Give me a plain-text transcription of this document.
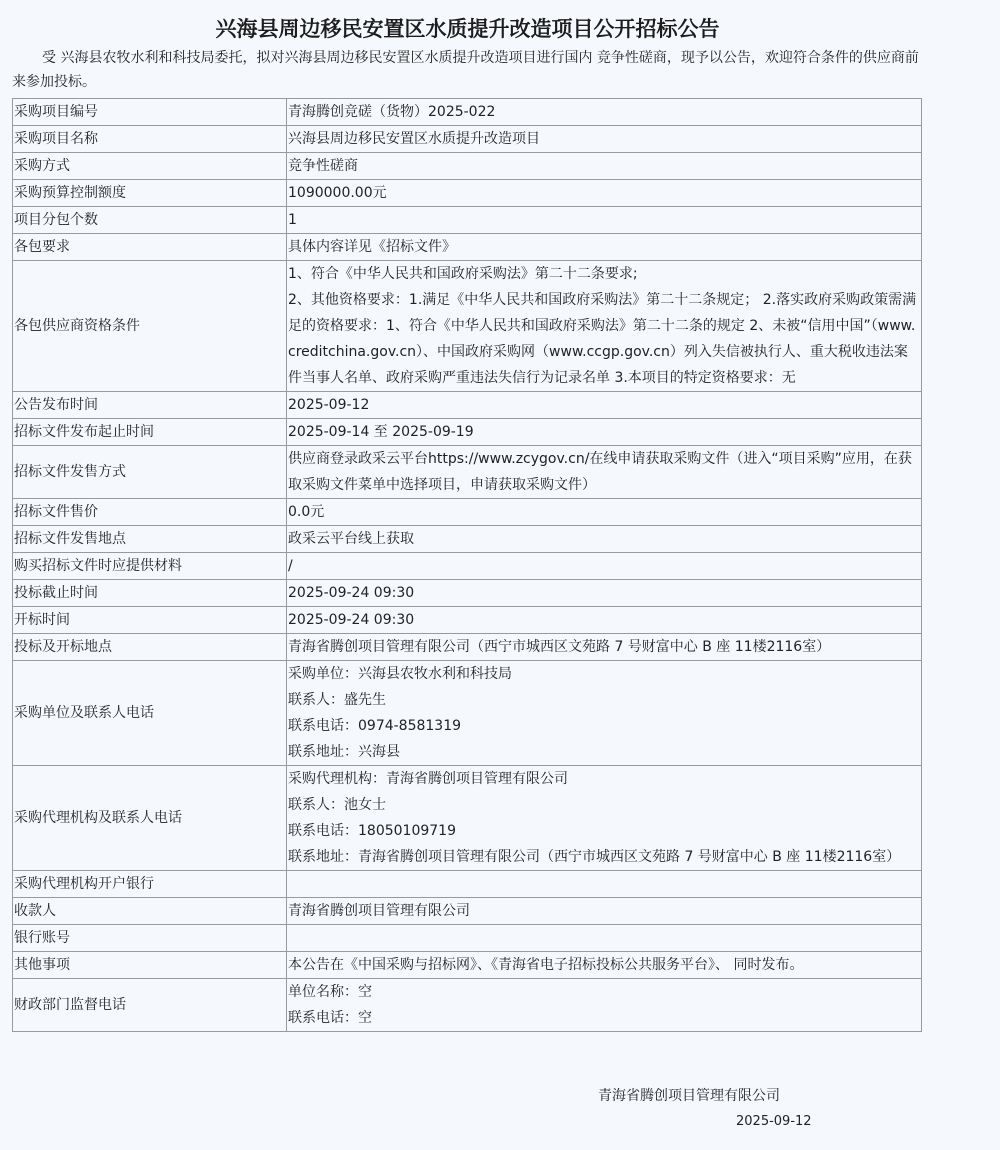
兴海县周边移民安置区水质提升改造项目公开招标公告
受 兴海县农牧水利和科技局委托，拟对兴海县周边移民安置区水质提升改造项目进行国内 竞争性磋商，现予以公告，欢迎符合条件的供应商前来参加投标。
采购项目编号	青海腾创竞磋（货物）2025-022

采购项目名称	兴海县周边移民安置区水质提升改造项目

采购方式	竞争性磋商

采购预算控制额度	1090000.00元

项目分包个数	1

各包要求	具体内容详见《招标文件》

各包供应商资格条件	1、符合《中华人民共和国政府采购法》第二十二条要求;
2、其他资格要求：1.满足《中华人民共和国政府采购法》第二十二条规定； 2.落实政府采购政策需满足的资格要求：1、符合《中华人民共和国政府采购法》第二十二条的规定 2、未被“信用中国”（www.creditchina.gov.cn）、中国政府采购网（www.ccgp.gov.cn）列入失信被执行人、重大税收违法案件当事人名单、政府采购严重违法失信行为记录名单 3.本项目的特定资格要求：无

公告发布时间	2025-09-12

招标文件发布起止时间	2025-09-14 至 2025-09-19

招标文件发售方式	供应商登录政采云平台https://www.zcygov.cn/在线申请获取采购文件（进入“项目采购”应用，在获取采购文件菜单中选择项目，申请获取采购文件）

招标文件售价	0.0元

招标文件发售地点	政采云平台线上获取

购买招标文件时应提供材料	/

投标截止时间	2025-09-24 09:30

开标时间	2025-09-24 09:30

投标及开标地点	青海省腾创项目管理有限公司（西宁市城西区文苑路 7 号财富中心 B 座 11楼2116室）

采购单位及联系人电话	采购单位：兴海县农牧水利和科技局
联系人：盛先生
联系电话：0974-8581319
联系地址：兴海县

采购代理机构及联系人电话	采购代理机构：青海省腾创项目管理有限公司
联系人：池女士
联系电话：18050109719
联系地址：青海省腾创项目管理有限公司（西宁市城西区文苑路 7 号财富中心 B 座 11楼2116室）

采购代理机构开户银行	

收款人	青海省腾创项目管理有限公司

银行账号	

其他事项	本公告在《中国采购与招标网》、《青海省电子招标投标公共服务平台》、 同时发布。

财政部门监督电话	单位名称：空
联系电话：空
青海省腾创项目管理有限公司
2025-09-12
